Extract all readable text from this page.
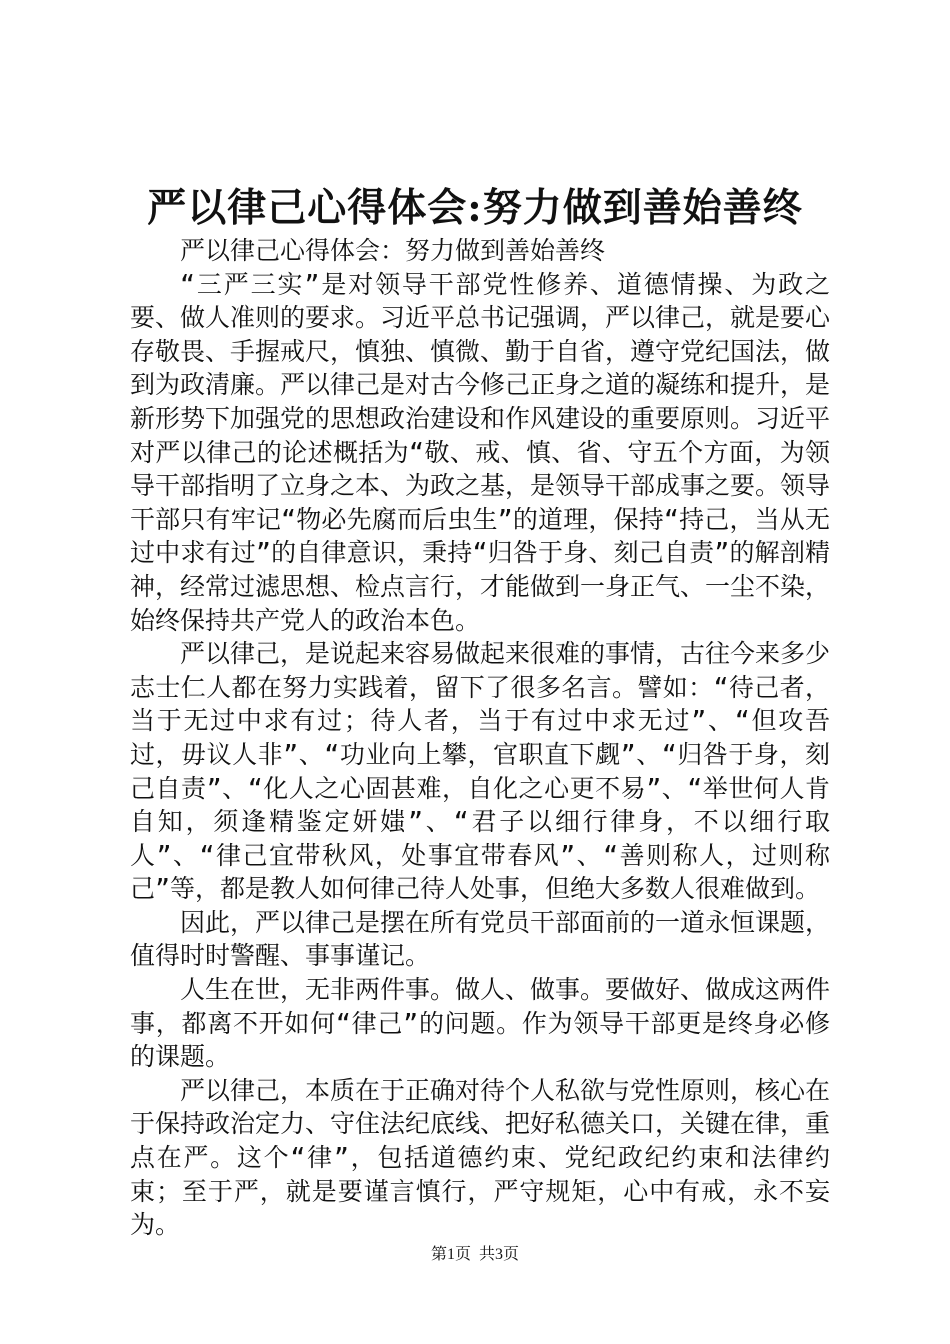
严以律己心得体会:努力做到善始善终

严以律己心得体会：努力做到善始善终

“三严三实”是对领导干部党性修养、道德情操、为政之要、做人准则的要求。习近平总书记强调，严以律己，就是要心存敬畏、手握戒尺，慎独、慎微、勤于自省，遵守党纪国法，做到为政清廉。严以律己是对古今修己正身之道的凝练和提升，是新形势下加强党的思想政治建设和作风建设的重要原则。习近平对严以律己的论述概括为“敬、戒、慎、省、守五个方面，为领导干部指明了立身之本、为政之基，是领导干部成事之要。领导干部只有牢记“物必先腐而后虫生”的道理，保持“持己，当从无过中求有过”的自律意识，秉持“归咎于身、刻己自责”的解剖精神，经常过滤思想、检点言行，才能做到一身正气、一尘不染，始终保持共产党人的政治本色。

严以律己，是说起来容易做起来很难的事情，古往今来多少志士仁人都在努力实践着，留下了很多名言。譬如：“待己者，当于无过中求有过；待人者，当于有过中求无过”、“但攻吾过，毋议人非”、“功业向上攀，官职直下觑”、“归咎于身，刻己自责”、“化人之心固甚难，自化之心更不易”、“举世何人肯自知，须逢精鉴定妍媸”、“君子以细行律身，不以细行取人”、“律己宜带秋风，处事宜带春风”、“善则称人，过则称己”等，都是教人如何律己待人处事，但绝大多数人很难做到。

因此，严以律己是摆在所有党员干部面前的一道永恒课题，值得时时警醒、事事谨记。

人生在世，无非两件事。做人、做事。要做好、做成这两件事，都离不开如何“律己”的问题。作为领导干部更是终身必修的课题。

严以律己，本质在于正确对待个人私欲与党性原则，核心在于保持政治定力、守住法纪底线、把好私德关口，关键在律，重点在严。这个“律”，包括道德约束、党纪政纪约束和法律约束；至于严，就是要谨言慎行，严守规矩，心中有戒，永不妄为。

第1页 共3页
